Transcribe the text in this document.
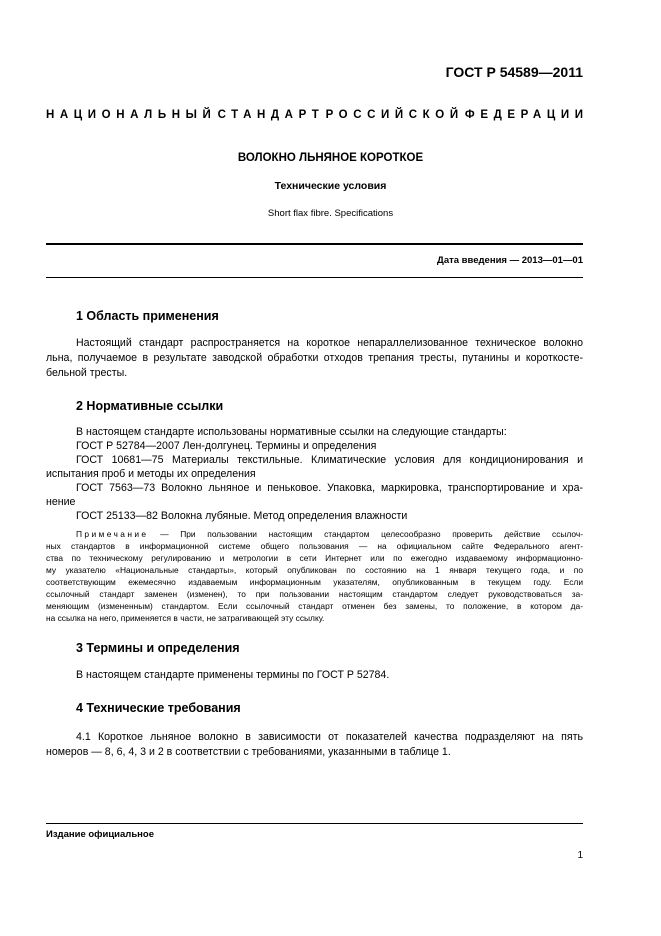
ГОСТ Р 54589—2011
НАЦИОНАЛЬНЫЙ СТАНДАРТ РОССИЙСКОЙ ФЕДЕРАЦИИ
ВОЛОКНО ЛЬНЯНОЕ КОРОТКОЕ
Технические условия
Short flax fibre. Specifications
Дата введения — 2013—01—01
1 Область применения
Настоящий стандарт распространяется на короткое непараллелизованное техническое волокно
льна, получаемое в результате заводской обработки отходов трепания тресты, путанины и короткосте-
бельной тресты.
2 Нормативные ссылки
В настоящем стандарте использованы нормативные ссылки на следующие стандарты:
ГОСТ Р 52784—2007 Лен-долгунец. Термины и определения
ГОСТ 10681—75 Материалы текстильные. Климатические условия для кондиционирования и
испытания проб и методы их определения
ГОСТ 7563—73 Волокно льняное и пеньковое. Упаковка, маркировка, транспортирование и хра-
нение
ГОСТ 25133—82 Волокна лубяные. Метод определения влажности
Примечание — При пользовании настоящим стандартом целесообразно проверить действие ссылоч-
ных стандартов в информационной системе общего пользования — на официальном сайте Федерального агент-
ства по техническому регулированию и метрологии в сети Интернет или по ежегодно издаваемому информационно-
му указателю «Национальные стандарты», который опубликован по состоянию на 1 января текущего года, и по
соответствующим ежемесячно издаваемым информационным указателям, опубликованным в текущем году. Если
ссылочный стандарт заменен (изменен), то при пользовании настоящим стандартом следует руководствоваться за-
меняющим (измененным) стандартом. Если ссылочный стандарт отменен без замены, то положение, в котором да-
на ссылка на него, применяется в части, не затрагивающей эту ссылку.
3 Термины и определения
В настоящем стандарте применены термины по ГОСТ Р 52784.
4 Технические требования
4.1 Короткое льняное волокно в зависимости от показателей качества подразделяют на пять
номеров — 8, 6, 4, 3 и 2 в соответствии с требованиями, указанными в таблице 1.
Издание официальное
1
